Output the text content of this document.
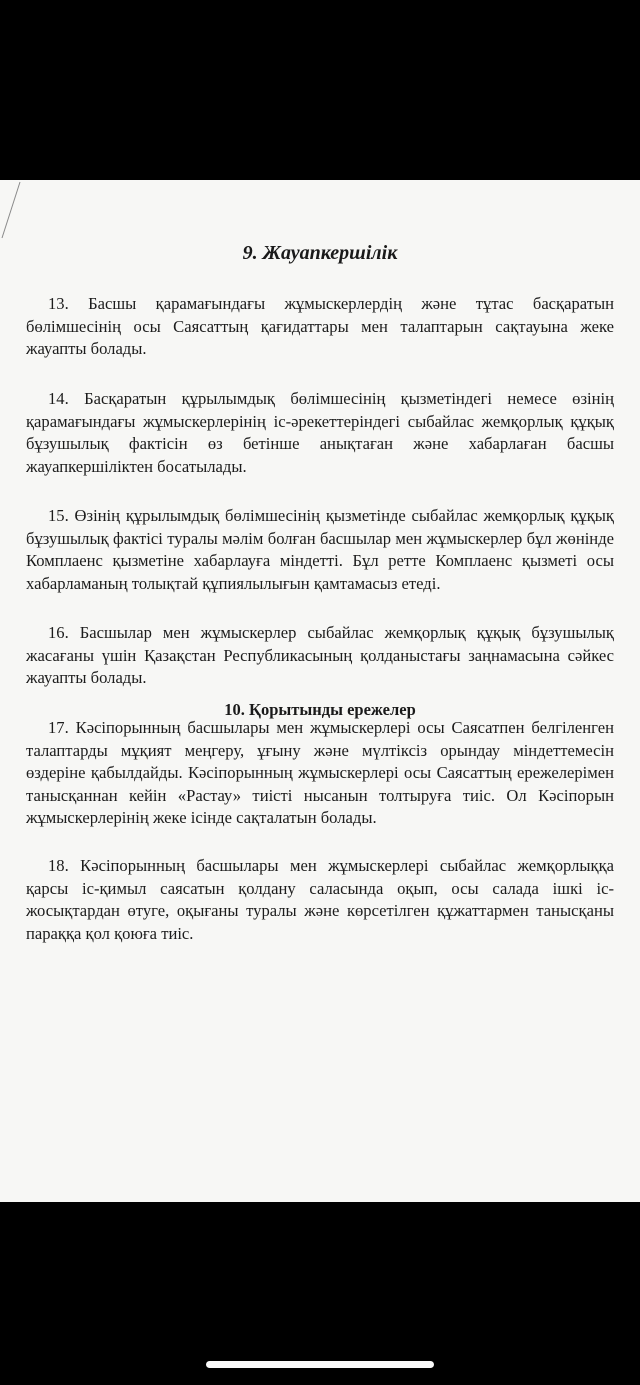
9. Жауапкершілік

13. Басшы қарамағындағы жұмыскерлердің және тұтас басқаратын бөлімшесінің осы Саясаттың қағидаттары мен талаптарын сақтауына жеке жауапты болады.

14. Басқаратын құрылымдық бөлімшесінің қызметіндегі немесе өзінің қарамағындағы жұмыскерлерінің іс-әрекеттеріндегі сыбайлас жемқорлық құқық бұзушылық фактісін өз бетінше анықтаған және хабарлаған басшы жауапкершіліктен босатылады.

15. Өзінің құрылымдық бөлімшесінің қызметінде сыбайлас жемқорлық құқық бұзушылық фактісі туралы мәлім болған басшылар мен жұмыскерлер бұл жөнінде Комплаенс қызметіне хабарлауға міндетті. Бұл ретте Комплаенс қызметі осы хабарламаның толықтай құпиялылығын қамтамасыз етеді.

16. Басшылар мен жұмыскерлер сыбайлас жемқорлық құқық бұзушылық жасағаны үшін Қазақстан Республикасының қолданыстағы заңнамасына сәйкес жауапты болады.

10. Қорытынды ережелер

17. Кәсіпорынның басшылары мен жұмыскерлері осы Саясатпен белгіленген талаптарды мұқият меңгеру, ұғыну және мүлтіксіз орындау міндеттемесін өздеріне қабылдайды. Кәсіпорынның жұмыскерлері осы Саясаттың ережелерімен танысқаннан кейін «Растау» тиісті нысанын толтыруға тиіс. Ол Кәсіпорын жұмыскерлерінің жеке ісінде сақталатын болады.

18. Кәсіпорынның басшылары мен жұмыскерлері сыбайлас жемқорлыққа қарсы іс-қимыл саясатын қолдану саласында оқып, осы салада ішкі іс-жосықтардан өтуге, оқығаны туралы және көрсетілген құжаттармен танысқаны параққа қол қоюға тиіс.
